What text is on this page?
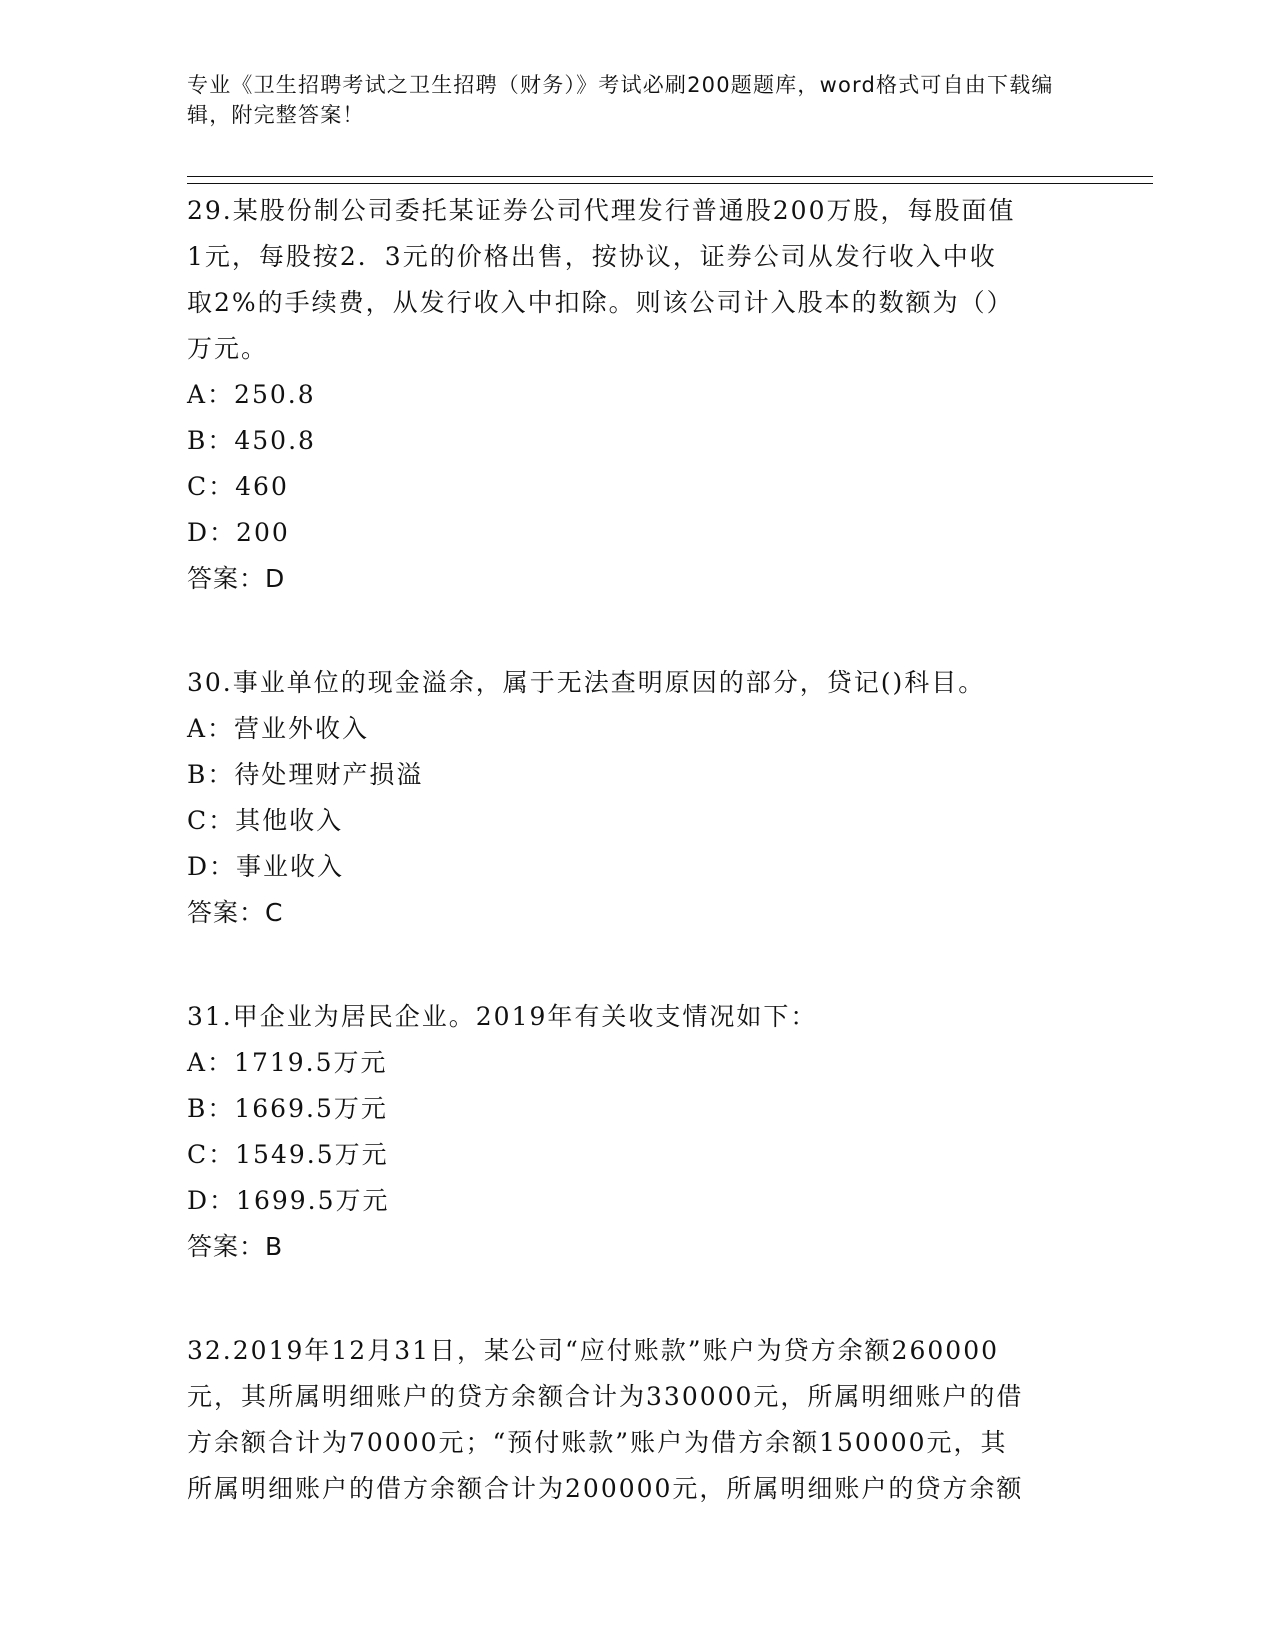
专业《卫生招聘考试之卫生招聘（财务）》考试必刷200题题库，word格式可自由下载编辑，附完整答案！
29.某股份制公司委托某证券公司代理发行普通股200万股，每股面值
1元，每股按2．3元的价格出售，按协议，证券公司从发行收入中收
取2%的手续费，从发行收入中扣除。则该公司计入股本的数额为（）
万元。
A：250.8
B：450.8
C：460
D：200
答案：D
30.事业单位的现金溢余，属于无法查明原因的部分，贷记()科目。
A：营业外收入
B：待处理财产损溢
C：其他收入
D：事业收入
答案：C
31.甲企业为居民企业。2019年有关收支情况如下：
A：1719.5万元
B：1669.5万元
C：1549.5万元
D：1699.5万元
答案：B
32.2019年12月31日，某公司“应付账款”账户为贷方余额260000
元，其所属明细账户的贷方余额合计为330000元，所属明细账户的借
方余额合计为70000元；“预付账款”账户为借方余额150000元，其
所属明细账户的借方余额合计为200000元，所属明细账户的贷方余额
